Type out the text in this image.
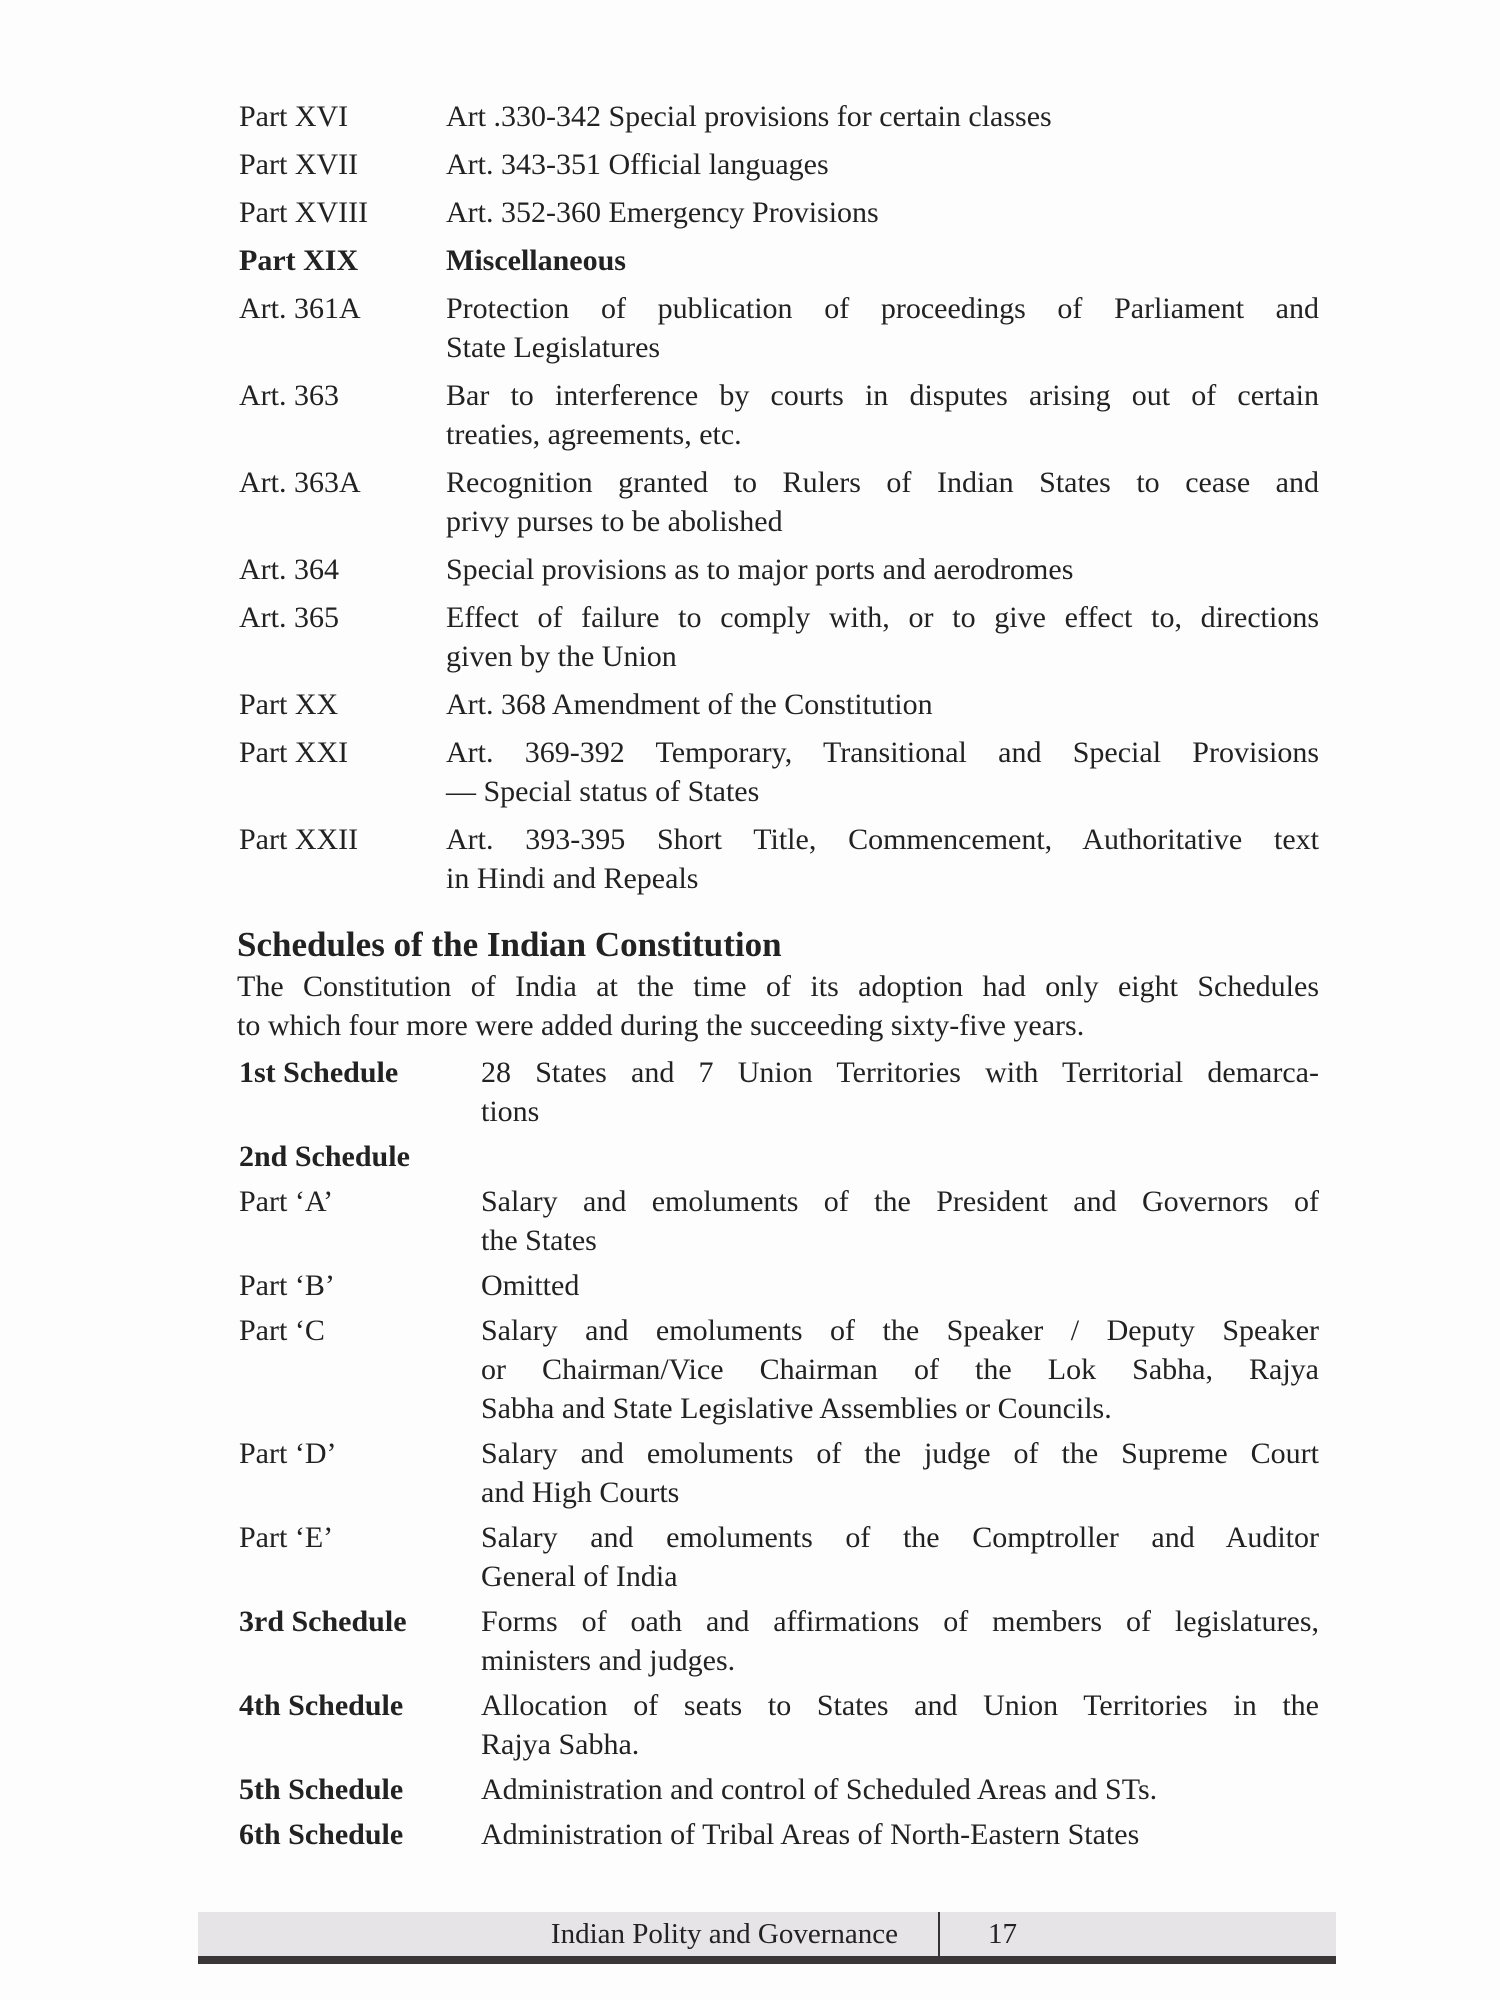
Part XVI	Art .330-342 Special provisions for certain classes
Part XVII	Art. 343-351 Official languages
Part XVIII	Art. 352-360 Emergency Provisions
Part XIX	Miscellaneous
Art. 361A	Protection of publication of proceedings of Parliament and
State Legislatures
Art. 363	Bar to interference by courts in disputes arising out of certain
treaties, agreements, etc.
Art. 363A	Recognition granted to Rulers of Indian States to cease and
privy purses to be abolished
Art. 364	Special provisions as to major ports and aerodromes
Art. 365	Effect of failure to comply with, or to give effect to, directions
given by the Union
Part XX	Art. 368 Amendment of the Constitution
Part XXI	Art. 369-392 Temporary, Transitional and Special Provisions
— Special status of States
Part XXII	Art. 393-395 Short Title, Commencement, Authoritative text
in Hindi and Repeals
Schedules of the Indian Constitution
The Constitution of India at the time of its adoption had only eight Schedules
to which four more were added during the succeeding sixty-five years.
1st Schedule	28 States and 7 Union Territories with Territorial demarca-
tions
2nd Schedule
Part ‘A’	Salary and emoluments of the President and Governors of
the States
Part ‘B’	Omitted
Part ‘C	Salary and emoluments of the Speaker / Deputy Speaker
or Chairman/Vice Chairman of the Lok Sabha, Rajya
Sabha and State Legislative Assemblies or Councils.
Part ‘D’	Salary and emoluments of the judge of the Supreme Court
and High Courts
Part ‘E’	Salary and emoluments of the Comptroller and Auditor
General of India
3rd Schedule	Forms of oath and affirmations of members of legislatures,
ministers and judges.
4th Schedule	Allocation of seats to States and Union Territories in the
Rajya Sabha.
5th Schedule	Administration and control of Scheduled Areas and STs.
6th Schedule	Administration of Tribal Areas of North-Eastern States
Indian Polity and Governance	17
